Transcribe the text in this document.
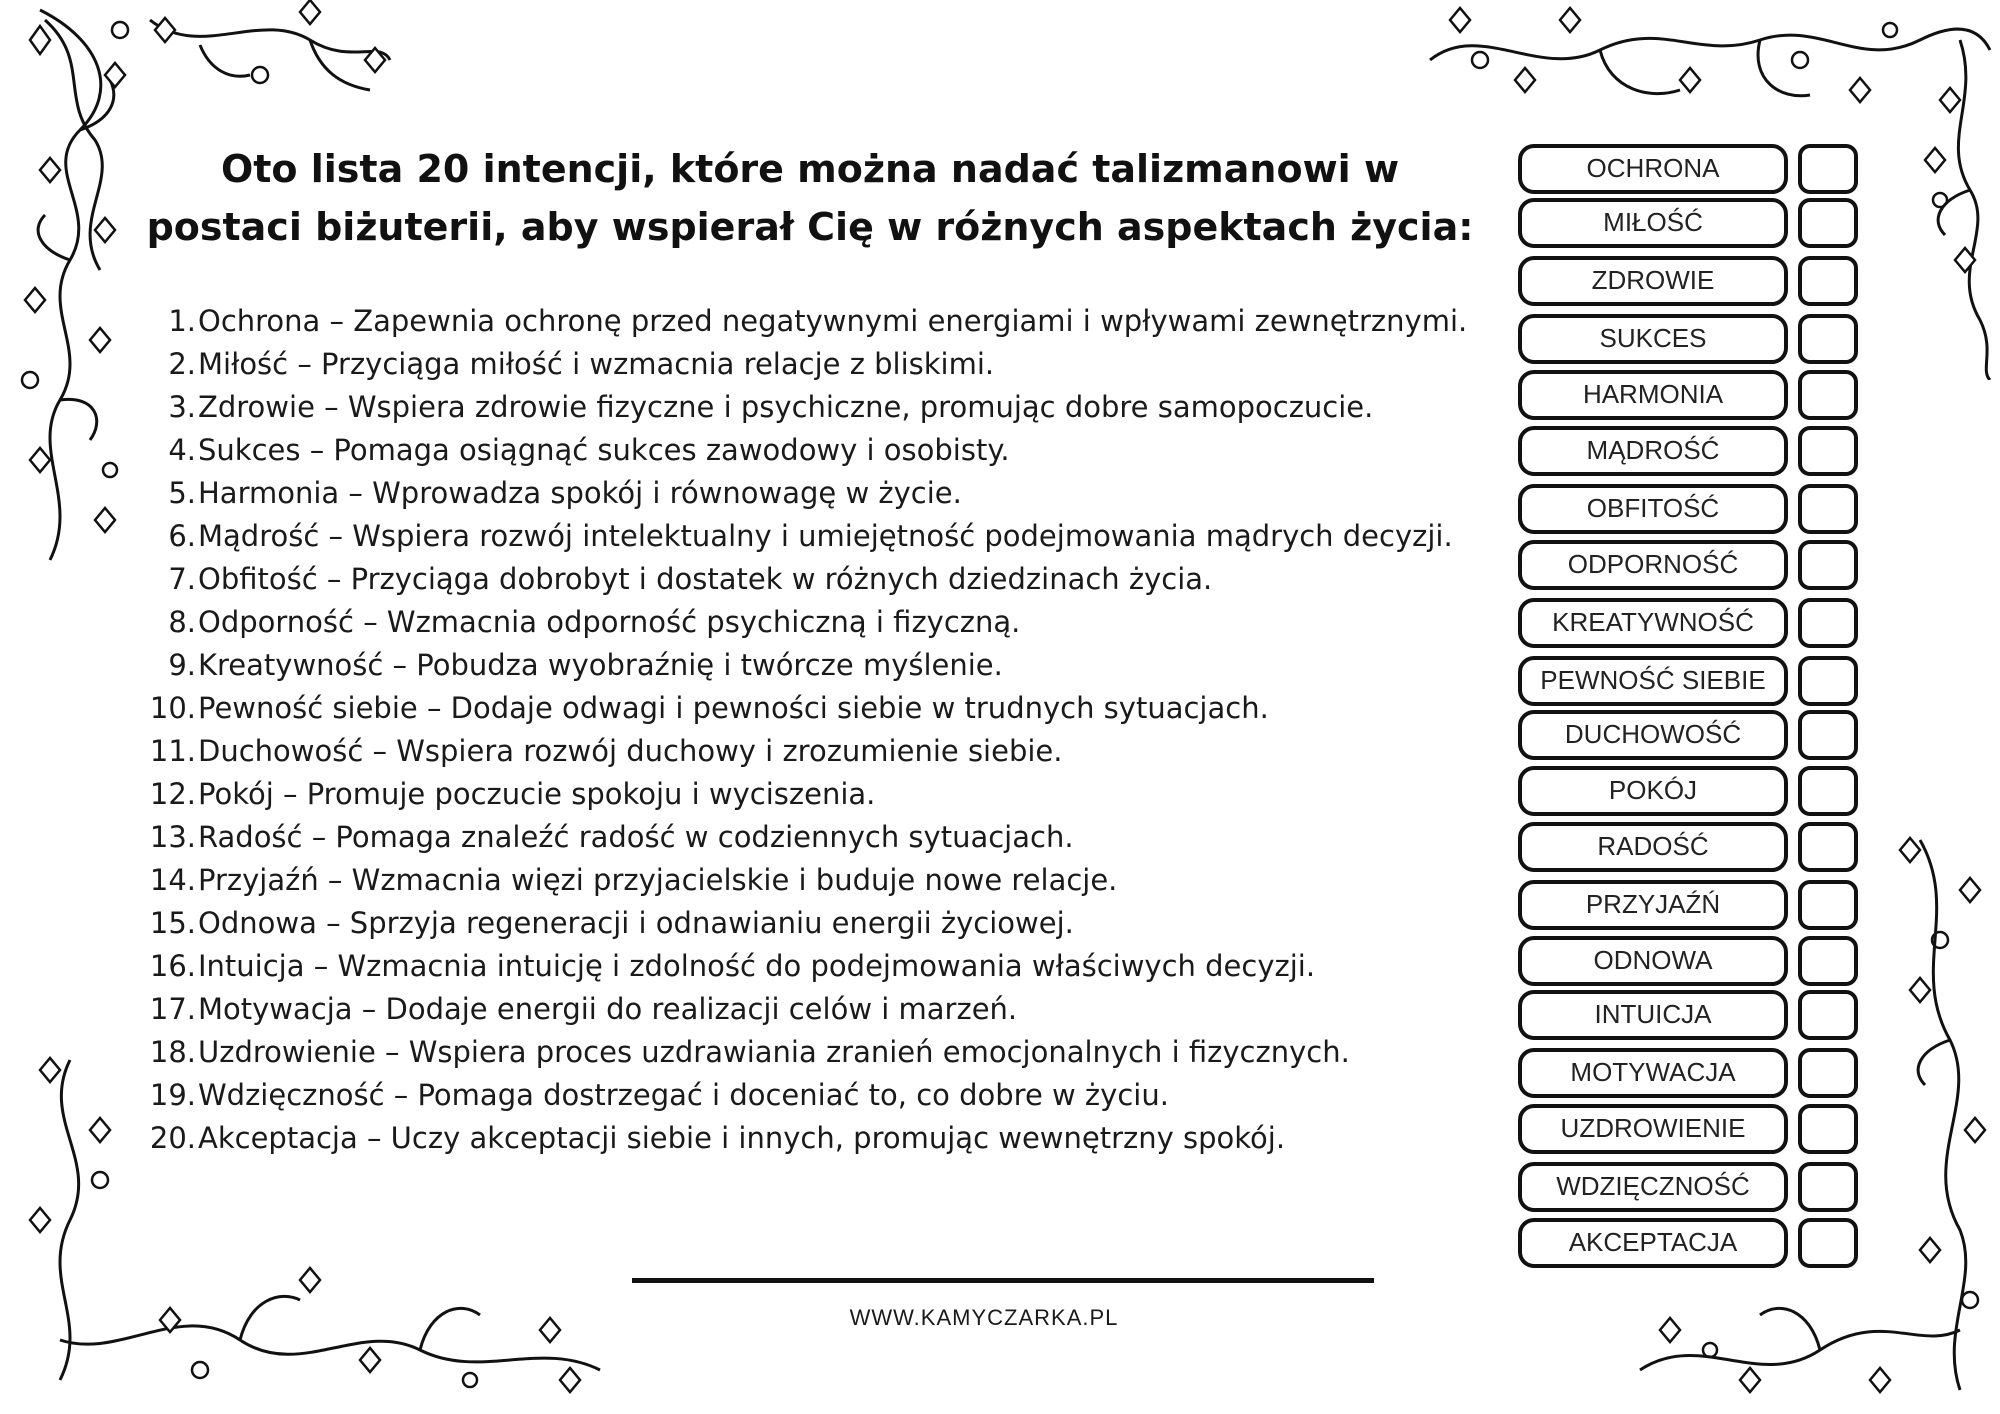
Oto lista 20 intencji, które można nadać talizmanowi w postaci biżuterii, aby wspierał Cię w różnych aspektach życia:
1. Ochrona – Zapewnia ochronę przed negatywnymi energiami i wpływami zewnętrznymi.
2. Miłość – Przyciąga miłość i wzmacnia relacje z bliskimi.
3. Zdrowie – Wspiera zdrowie fizyczne i psychiczne, promując dobre samopoczucie.
4. Sukces – Pomaga osiągnąć sukces zawodowy i osobisty.
5. Harmonia – Wprowadza spokój i równowagę w życie.
6. Mądrość – Wspiera rozwój intelektualny i umiejętność podejmowania mądrych decyzji.
7. Obfitość – Przyciąga dobrobyt i dostatek w różnych dziedzinach życia.
8. Odporność – Wzmacnia odporność psychiczną i fizyczną.
9. Kreatywność – Pobudza wyobraźnię i twórcze myślenie.
10. Pewność siebie – Dodaje odwagi i pewności siebie w trudnych sytuacjach.
11. Duchowość – Wspiera rozwój duchowy i zrozumienie siebie.
12. Pokój – Promuje poczucie spokoju i wyciszenia.
13. Radość – Pomaga znaleźć radość w codziennych sytuacjach.
14. Przyjaźń – Wzmacnia więzi przyjacielskie i buduje nowe relacje.
15. Odnowa – Sprzyja regeneracji i odnawianiu energii życiowej.
16. Intuicja – Wzmacnia intuicję i zdolność do podejmowania właściwych decyzji.
17. Motywacja – Dodaje energii do realizacji celów i marzeń.
18. Uzdrowienie – Wspiera proces uzdrawiania zranień emocjonalnych i fizycznych.
19. Wdzięczność – Pomaga dostrzegać i doceniać to, co dobre w życiu.
20. Akceptacja – Uczy akceptacji siebie i innych, promując wewnętrzny spokój.
OCHRONA
MIŁOŚĆ
ZDROWIE
SUKCES
HARMONIA
MĄDROŚĆ
OBFITOŚĆ
ODPORNOŚĆ
KREATYWNOŚĆ
PEWNOŚĆ SIEBIE
DUCHOWOŚĆ
POKÓJ
RADOŚĆ
PRZYJAŹŃ
ODNOWA
INTUICJA
MOTYWACJA
UZDROWIENIE
WDZIĘCZNOŚĆ
AKCEPTACJA
WWW.KAMYCZARKA.PL
